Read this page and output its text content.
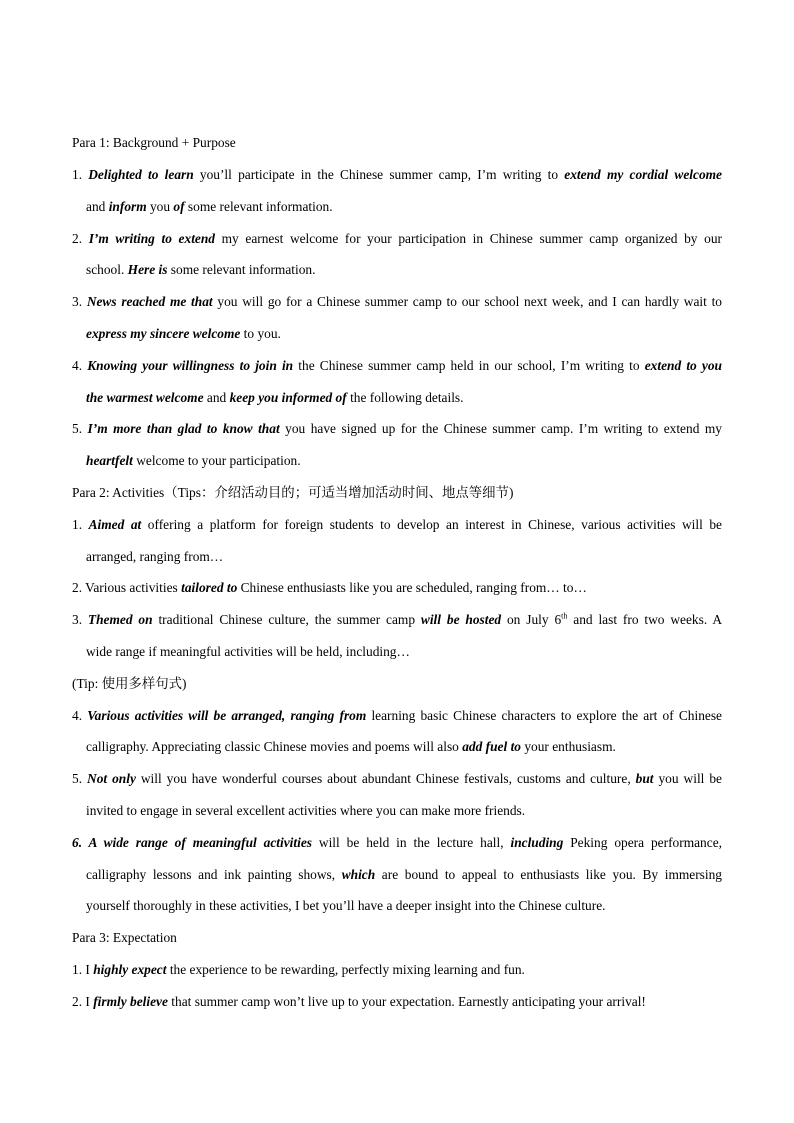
Para 1: Background + Purpose
1. Delighted to learn you’ll participate in the Chinese summer camp, I’m writing to extend my cordial welcome
and inform you of some relevant information.
2. I’m writing to extend my earnest welcome for your participation in Chinese summer camp organized by our
school. Here is some relevant information.
3. News reached me that you will go for a Chinese summer camp to our school next week, and I can hardly wait to
express my sincere welcome to you.
4. Knowing your willingness to join in the Chinese summer camp held in our school, I’m writing to extend to you
the warmest welcome and keep you informed of the following details.
5. I’m more than glad to know that you have signed up for the Chinese summer camp. I’m writing to extend my
heartfelt welcome to your participation.
Para 2: Activities（Tips：介绍活动目的；可适当增加活动时间、地点等细节)
1. Aimed at offering a platform for foreign students to develop an interest in Chinese, various activities will be
arranged, ranging from…
2. Various activities tailored to Chinese enthusiasts like you are scheduled, ranging from… to…
3. Themed on traditional Chinese culture, the summer camp will be hosted on July 6th and last fro two weeks. A
wide range if meaningful activities will be held, including…
(Tip: 使用多样句式)
4. Various activities will be arranged, ranging from learning basic Chinese characters to explore the art of Chinese
calligraphy. Appreciating classic Chinese movies and poems will also add fuel to your enthusiasm.
5. Not only will you have wonderful courses about abundant Chinese festivals, customs and culture, but you will be
invited to engage in several excellent activities where you can make more friends.
6. A wide range of meaningful activities will be held in the lecture hall, including Peking opera performance,
calligraphy lessons and ink painting shows, which are bound to appeal to enthusiasts like you. By immersing
yourself thoroughly in these activities, I bet you’ll have a deeper insight into the Chinese culture.
Para 3: Expectation
1. I highly expect the experience to be rewarding, perfectly mixing learning and fun.
2. I firmly believe that summer camp won’t live up to your expectation. Earnestly anticipating your arrival!
